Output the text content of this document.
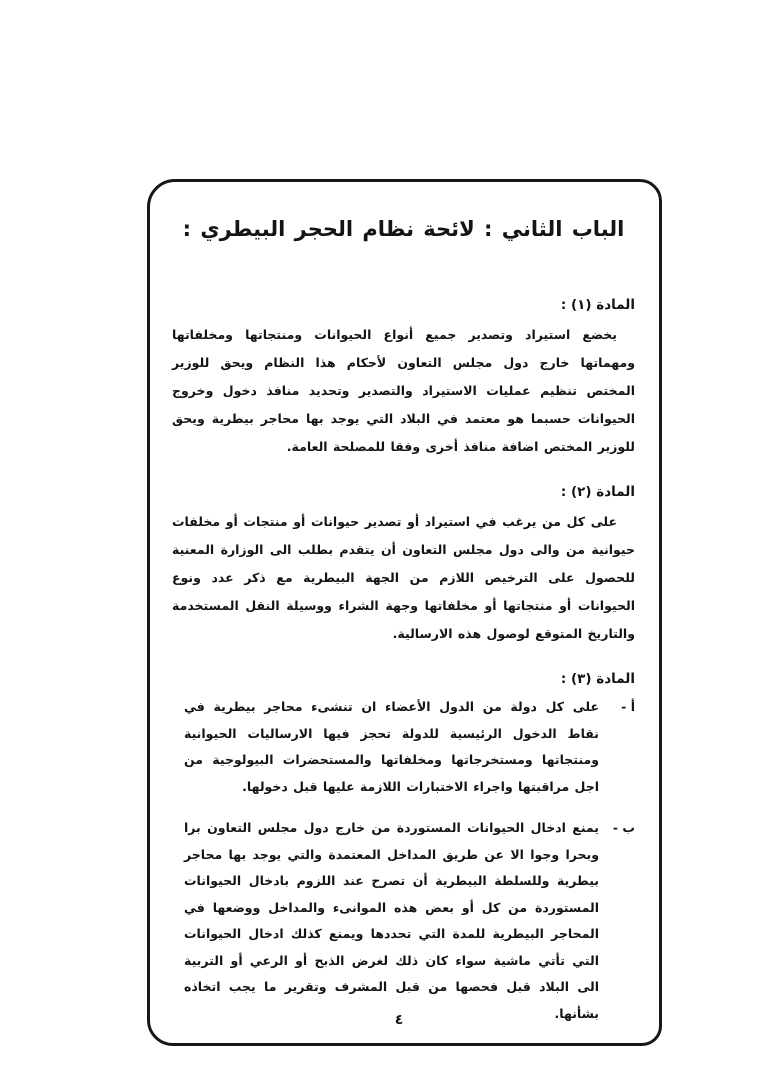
الباب الثاني : لائحة نظام الحجر البيطري :
المادة (١) :

يخضع استيراد وتصدير جميع أنواع الحيوانات ومنتجاتها ومخلفاتها ومهماتها خارج دول مجلس التعاون لأحكام هذا النظام ويحق للوزير المختص تنظيم عمليات الاستيراد والتصدير وتحديد منافذ دخول وخروج الحيوانات حسبما هو معتمد في البلاد التي يوجد بها محاجر بيطرية ويحق للوزير المختص اضافة منافذ أخرى وفقا للمصلحة العامة.

المادة (٢) :

على كل من يرغب في استيراد أو تصدير حيوانات أو منتجات أو مخلفات حيوانية من والى دول مجلس التعاون أن يتقدم بطلب الى الوزارة المعنية للحصول على الترخيص اللازم من الجهة البيطرية مع ذكر عدد ونوع الحيوانات أو منتجاتها أو مخلفاتها وجهة الشراء ووسيلة النقل المستخدمة والتاريخ المتوقع لوصول هذه الارسالية.

المادة (٣) :
أ -

على كل دولة من الدول الأعضاء ان تنشىء محاجر بيطرية في نقاط الدخول الرئيسية للدولة تحجز فيها الارساليات الحيوانية ومنتجاتها ومستخرجاتها ومخلفاتها والمستحضرات البيولوجية من اجل مراقبتها واجراء الاختبارات اللازمة عليها قبل دخولها.

ب -

يمنع ادخال الحيوانات المستوردة من خارج دول مجلس التعاون برا وبحرا وجوا الا عن طريق المداخل المعتمدة والتي يوجد بها محاجر بيطرية وللسلطة البيطرية أن تصرح عند اللزوم بادخال الحيوانات المستوردة من كل أو بعض هذه الموانىء والمداخل ووضعها في المحاجر البيطرية للمدة التي تحددها ويمنع كذلك ادخال الحيوانات التي تأتي ماشية سواء كان ذلك لغرض الذبح أو الرعي أو التربية الى البلاد قبل فحصها من قبل المشرف وتقرير ما يجب اتخاذه بشأنها.

٤
